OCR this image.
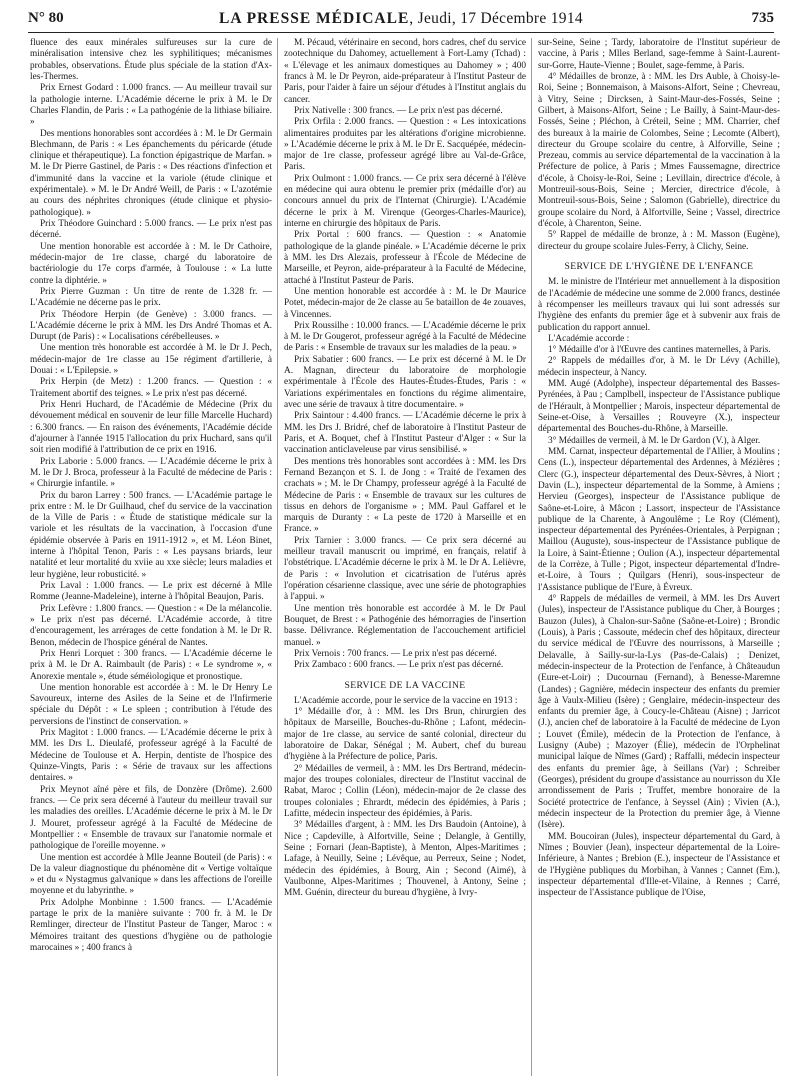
N° 80	LA PRESSE MÉDICALE, Jeudi, 17 Décembre 1914	735

fluence des eaux minérales sulfureuses sur la cure de minéralisation intensive chez les syphilitiques; mécanismes probables, observations. Étude plus spéciale de la station d'Ax-les-Thermes.

Prix Ernest Godard : 1.000 francs. — Au meilleur travail sur la pathologie interne. L'Académie décerne le prix à M. le Dr Charles Flandin, de Paris : « La pathogénie de la lithiase biliaire. »

Des mentions honorables sont accordées à : M. le Dr Germain Blechmann, de Paris : « Les épanchements du péricarde (étude clinique et thérapeutique). La fonction épigastrique de Marfan. » M. le Dr Pierre Gastinel, de Paris : « Des réactions d'infection et d'immunité dans la vaccine et la variole (étude clinique et expérimentale). » M. le Dr André Weill, de Paris : « L'azotémie au cours des néphrites chroniques (étude clinique et physio-pathologique). »

Prix Théodore Guinchard : 5.000 francs. — Le prix n'est pas décerné.

Une mention honorable est accordée à : M. le Dr Cathoire, médecin-major de 1re classe, chargé du laboratoire de bactériologie du 17e corps d'armée, à Toulouse : « La lutte contre la diphtérie. »

Prix Pierre Guzman : Un titre de rente de 1.328 fr. — L'Académie ne décerne pas le prix.

Prix Théodore Herpin (de Genève) : 3.000 francs. — L'Académie décerne le prix à MM. les Drs André Thomas et A. Durupt (de Paris) : « Localisations cérébelleuses. »

Une mention très honorable est accordée à M. le Dr J. Pech, médecin-major de 1re classe au 15e régiment d'artillerie, à Douai : « L'Epilepsie. »

Prix Herpin (de Metz) : 1.200 francs. — Question : « Traitement abortif des teignes. » Le prix n'est pas décerné.

Prix Henri Huchard, de l'Académie de Médecine (Prix du dévouement médical en souvenir de leur fille Marcelle Huchard) : 6.300 francs. — En raison des événements, l'Académie décide d'ajourner à l'année 1915 l'allocation du prix Huchard, sans qu'il soit rien modifié à l'attribution de ce prix en 1916.

Prix Laborie : 5.000 francs. — L'Académie décerne le prix à M. le Dr J. Broca, professeur à la Faculté de médecine de Paris : « Chirurgie infantile. »

Prix du baron Larrey : 500 francs. — L'Académie partage le prix entre : M. le Dr Guilhaud, chef du service de la vaccination de la Ville de Paris : « Étude de statistique médicale sur la variole et les résultats de la vaccination, à l'occasion d'une épidémie observée à Paris en 1911-1912 », et M. Léon Binet, interne à l'hôpital Tenon, Paris : « Les paysans briards, leur natalité et leur mortalité du xviie au xxe siècle; leurs maladies et leur hygiène, leur robusticité. »

Prix Laval : 1.000 francs. — Le prix est décerné à Mlle Romme (Jeanne-Madeleine), interne à l'hôpital Beaujon, Paris.

Prix Lefèvre : 1.800 francs. — Question : « De la mélancolie. » Le prix n'est pas décerné. L'Académie accorde, à titre d'encouragement, les arrérages de cette fondation à M. le Dr R. Benon, médecin de l'hospice général de Nantes.

Prix Henri Lorquet : 300 francs. — L'Académie décerne le prix à M. le Dr A. Raimbault (de Paris) : « Le syndrome », « Anorexie mentale », étude séméiologique et pronostique.

Une mention honorable est accordée à : M. le Dr Henry Le Savoureux, interne des Asiles de la Seine et de l'Infirmerie spéciale du Dépôt : « Le spleen ; contribution à l'étude des perversions de l'instinct de conservation. »

Prix Magitot : 1.000 francs. — L'Académie décerne le prix à MM. les Drs L. Dieulafé, professeur agrégé à la Faculté de Médecine de Toulouse et A. Herpin, dentiste de l'hospice des Quinze-Vingts, Paris : « Série de travaux sur les affections dentaires. »

Prix Meynot aîné père et fils, de Donzère (Drôme). 2.600 francs. — Ce prix sera décerné à l'auteur du meilleur travail sur les maladies des oreilles. L'Académie décerne le prix à M. le Dr J. Mouret, professeur agrégé à la Faculté de Médecine de Montpellier : « Ensemble de travaux sur l'anatomie normale et pathologique de l'oreille moyenne. »

Une mention est accordée à Mlle Jeanne Bouteil (de Paris) : « De la valeur diagnostique du phénomène dit « Vertige voltaïque » et du « Nystagmus galvanique » dans les affections de l'oreille moyenne et du labyrinthe. »

Prix Adolphe Monbinne : 1.500 francs. — L'Académie partage le prix de la manière suivante : 700 fr. à M. le Dr Remlinger, directeur de l'Institut Pasteur de Tanger, Maroc : « Mémoires traitant des questions d'hygiène ou de pathologie marocaines » ; 400 francs à

M. Pécaud, vétérinaire en second, hors cadres, chef du service zootechnique du Dahomey, actuellement à Fort-Lamy (Tchad) : « L'élevage et les animaux domestiques au Dahomey » ; 400 francs à M. le Dr Peyron, aide-préparateur à l'Institut Pasteur de Paris, pour l'aider à faire un séjour d'études à l'Institut anglais du cancer.

Prix Nativelle : 300 francs. — Le prix n'est pas décerné.

Prix Orfila : 2.000 francs. — Question : « Les intoxications alimentaires produites par les altérations d'origine microbienne. » L'Académie décerne le prix à M. le Dr E. Sacquépée, médecin-major de 1re classe, professeur agrégé libre au Val-de-Grâce, Paris.

Prix Oulmont : 1.000 francs. — Ce prix sera décerné à l'élève en médecine qui aura obtenu le premier prix (médaille d'or) au concours annuel du prix de l'Internat (Chirurgie). L'Académie décerne le prix à M. Virenque (Georges-Charles-Maurice), interne en chirurgie des hôpitaux de Paris.

Prix Portal : 600 francs. — Question : « Anatomie pathologique de la glande pinéale. » L'Académie décerne le prix à MM. les Drs Alezais, professeur à l'École de Médecine de Marseille, et Peyron, aide-préparateur à la Faculté de Médecine, attaché à l'Institut Pasteur de Paris.

Une mention honorable est accordée à : M. le Dr Maurice Potet, médecin-major de 2e classe au 5e bataillon de 4e zouaves, à Vincennes.

Prix Roussilhe : 10.000 francs. — L'Académie décerne le prix à M. le Dr Gougerot, professeur agrégé à la Faculté de Médecine de Paris : « Ensemble de travaux sur les maladies de la peau. »

Prix Sabatier : 600 francs. — Le prix est décerné à M. le Dr A. Magnan, directeur du laboratoire de morphologie expérimentale à l'École des Hautes-Études-Études, Paris : « Variations expérimentales en fonctions du régime alimentaire, avec une série de travaux à titre documentaire. »

Prix Saintour : 4.400 francs. — L'Académie décerne le prix à MM. les Drs J. Bridré, chef de laboratoire à l'Institut Pasteur de Paris, et A. Boquet, chef à l'Institut Pasteur d'Alger : « Sur la vaccination anticlaveleuse par virus sensibilisé. »

Des mentions très honorables sont accordées à : MM. les Drs Fernand Bezançon et S. I. de Jong : « Traité de l'examen des crachats » ; M. le Dr Champy, professeur agrégé à la Faculté de Médecine de Paris : « Ensemble de travaux sur les cultures de tissus en dehors de l'organisme » ; MM. Paul Gaffarel et le marquis de Duranty : « La peste de 1720 à Marseille et en France. »

Prix Tarnier : 3.000 francs. — Ce prix sera décerné au meilleur travail manuscrit ou imprimé, en français, relatif à l'obstétrique. L'Académie décerne le prix à M. le Dr A. Lelièvre, de Paris : « Involution et cicatrisation de l'utérus après l'opération césarienne classique, avec une série de photographies à l'appui. »

Une mention très honorable est accordée à M. le Dr Paul Bouquet, de Brest : « Pathogénie des hémorragies de l'insertion basse. Délivrance. Réglementation de l'accouchement artificiel manuel. »

Prix Vernois : 700 francs. — Le prix n'est pas décerné.

Prix Zambaco : 600 francs. — Le prix n'est pas décerné.

SERVICE DE LA VACCINE

L'Académie accorde, pour le service de la vaccine en 1913 :

1° Médaille d'or, à : MM. les Drs Brun, chirurgien des hôpitaux de Marseille, Bouches-du-Rhône ; Lafont, médecin-major de 1re classe, au service de santé colonial, directeur du laboratoire de Dakar, Sénégal ; M. Aubert, chef du bureau d'hygiène à la Préfecture de police, Paris.

2° Médailles de vermeil, à : MM. les Drs Bertrand, médecin-major des troupes coloniales, directeur de l'Institut vaccinal de Rabat, Maroc ; Collin (Léon), médecin-major de 2e classe des troupes coloniales ; Ehrardt, médecin des épidémies, à Paris ; Lafitte, médecin inspecteur des épidémies, à Paris.

3° Médailles d'argent, à : MM. les Drs Baudoin (Antoine), à Nice ; Capdeville, à Alfortville, Seine ; Delangle, à Gentilly, Seine ; Fornari (Jean-Baptiste), à Menton, Alpes-Maritimes ; Lafage, à Neuilly, Seine ; Lévêque, au Perreux, Seine ; Nodet, médecin des épidémies, à Bourg, Ain ; Second (Aimé), à Vaulbonne, Alpes-Maritimes ; Thouvenel, à Antony, Seine ; MM. Guénin, directeur du bureau d'hygiène, à Ivry-

sur-Seine, Seine ; Tardy, laboratoire de l'Institut supérieur de vaccine, à Paris ; Mlles Berland, sage-femme à Saint-Laurent-sur-Gorre, Haute-Vienne ; Boulet, sage-femme, à Paris.

4° Médailles de bronze, à : MM. les Drs Auble, à Choisy-le-Roi, Seine ; Bonnemaison, à Maisons-Alfort, Seine ; Chevreau, à Vitry, Seine ; Dircksen, à Saint-Maur-des-Fossés, Seine ; Gilbert, à Maisons-Alfort, Seine ; Le Bailly, à Saint-Maur-des-Fossés, Seine ; Pléchon, à Créteil, Seine ; MM. Charrier, chef des bureaux à la mairie de Colombes, Seine ; Lecomte (Albert), directeur du Groupe scolaire du centre, à Alforville, Seine ; Prezeau, commis au service départemental de la vaccination à la Préfecture de police, à Paris ; Mmes Faussemagne, directrice d'école, à Choisy-le-Roi, Seine ; Levillain, directrice d'école, à Montreuil-sous-Bois, Seine ; Mercier, directrice d'école, à Montreuil-sous-Bois, Seine ; Salomon (Gabrielle), directrice du groupe scolaire du Nord, à Alfortville, Seine ; Vassel, directrice d'école, à Charenton, Seine.

5° Rappel de médaille de bronze, à : M. Masson (Eugène), directeur du groupe scolaire Jules-Ferry, à Clichy, Seine.

SERVICE DE L'HYGIÈNE DE L'ENFANCE

M. le ministre de l'Intérieur met annuellement à la disposition de l'Académie de médecine une somme de 2.000 francs, destinée à récompenser les meilleurs travaux qui lui sont adressés sur l'hygiène des enfants du premier âge et à subvenir aux frais de publication du rapport annuel.

L'Académie accorde :

1° Médaille d'or à l'Œuvre des cantines maternelles, à Paris.

2° Rappels de médailles d'or, à M. le Dr Lévy (Achille), médecin inspecteur, à Nancy.

MM. Augé (Adolphe), inspecteur départemental des Basses-Pyrénées, à Pau ; Camplbell, inspecteur de l'Assistance publique de l'Hérault, à Montpellier ; Marois, inspecteur départemental de Seine-et-Oise, à Versailles ; Rouveyre (X.), inspecteur départemental des Bouches-du-Rhône, à Marseille.

3° Médailles de vermeil, à M. le Dr Gardon (V.), à Alger.

MM. Carnat, inspecteur départemental de l'Allier, à Moulins ; Cens (L.), inspecteur départemental des Ardennes, à Mézières ; Clerc (G.), inspecteur départemental des Deux-Sèvres, à Niort ; Davin (L.), inspecteur départemental de la Somme, à Amiens ; Hervieu (Georges), inspecteur de l'Assistance publique de Saône-et-Loire, à Mâcon ; Lassort, inspecteur de l'Assistance publique de la Charente, à Angoulême ; Le Roy (Clément), inspecteur départemental des Pyrénées-Orientales, à Perpignan ; Maillou (Auguste), sous-inspecteur de l'Assistance publique de la Loire, à Saint-Étienne ; Oulion (A.), inspecteur départemental de la Corrèze, à Tulle ; Pigot, inspecteur départemental d'Indre-et-Loire, à Tours ; Quilgars (Henri), sous-inspecteur de l'Assistance publique de l'Eure, à Évreux.

4° Rappels de médailles de vermeil, à MM. les Drs Auvert (Jules), inspecteur de l'Assistance publique du Cher, à Bourges ; Bauzon (Jules), à Chalon-sur-Saône (Saône-et-Loire) ; Brondic (Louis), à Paris ; Cassoute, médecin chef des hôpitaux, directeur du service médical de l'Œuvre des nourrissons, à Marseille ; Delavalle, à Sailly-sur-la-Lys (Pas-de-Calais) ; Denizet, médecin-inspecteur de la Protection de l'enfance, à Châteaudun (Eure-et-Loir) ; Ducournau (Fernand), à Benesse-Maremne (Landes) ; Gagnière, médecin inspecteur des enfants du premier âge à Vaulx-Milieu (Isère) ; Genglaire, médecin-inspecteur des enfants du premier âge, à Coucy-le-Château (Aisne) ; Jarricot (J.), ancien chef de laboratoire à la Faculté de médecine de Lyon ; Louvet (Émile), médecin de la Protection de l'enfance, à Lusigny (Aube) ; Mazoyer (Élie), médecin de l'Orphelinat municipal laïque de Nîmes (Gard) ; Raffalli, médecin inspecteur des enfants du premier âge, à Seillans (Var) ; Schreiber (Georges), président du groupe d'assistance au nourrisson du XIe arrondissement de Paris ; Truffet, membre honoraire de la Société protectrice de l'enfance, à Seyssel (Ain) ; Vivien (A.), médecin inspecteur de la Protection du premier âge, à Vienne (Isère).

MM. Boucoiran (Jules), inspecteur départemental du Gard, à Nîmes ; Bouvier (Jean), inspecteur départemental de la Loire-Inférieure, à Nantes ; Brebion (E.), inspecteur de l'Assistance et de l'Hygiène publiques du Morbihan, à Vannes ; Cannet (Em.), inspecteur départemental d'Ille-et-Vilaine, à Rennes ; Carré, inspecteur de l'Assistance publique de l'Oise,
